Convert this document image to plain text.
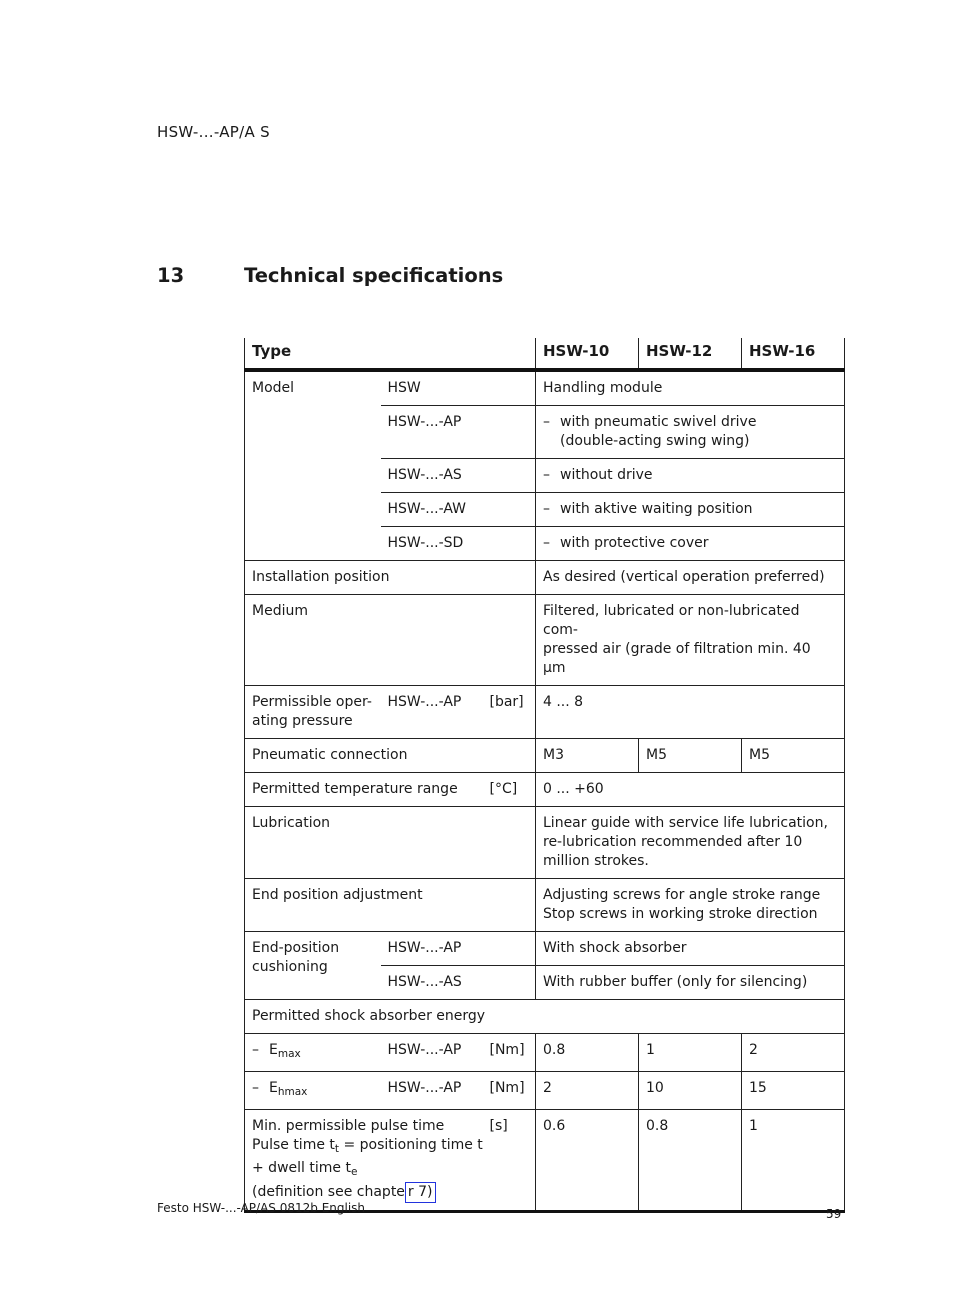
HSW-...-AP/A S
13	Technical specifications
Type			HSW-10	HSW-12	HSW-16
Model	HSW		Handling module		
	HSW-...-AP		– with pneumatic swivel drive
(double-acting swing wing)		

	HSW-...-AS		– without drive		
	HSW-...-AW		– with aktive waiting position		
	HSW-...-SD		– with protective cover		
Installation position			As desired (vertical operation preferred)		
Medium			Filtered, lubricated or non-lubricated com-
pressed air (grade of filtration min. 40 µm		

Permissible oper-
ating pressure	HSW-...-AP	[bar]	4 ... 8		
Pneumatic connection			M3	M5	M5
Permitted temperature range		[°C]	0 ... +60		
Lubrication			Linear guide with service life lubrication,
re-lubrication recommended after 10
million strokes.		

End position adjustment			Adjusting screws for angle stroke range
Stop screws in working stroke direction		

End-position
cushioning	HSW-...-AP		With shock absorber		
	HSW-...-AS		With rubber buffer (only for silencing)		
Permitted shock absorber energy					
– $E_{max}$	HSW-...-AP	[Nm]	0.8	1	2
– $E_{hmax}$	HSW-...-AP	[Nm]	2	10	15

Min. permissible pulse time
Pulse time $t_t$ = positioning time t
+ dwell time $t_e$
(definition see chapte r 7)		[s]	0.6	0.8	1
Festo HSW-...-AP/AS 0812b English	59
